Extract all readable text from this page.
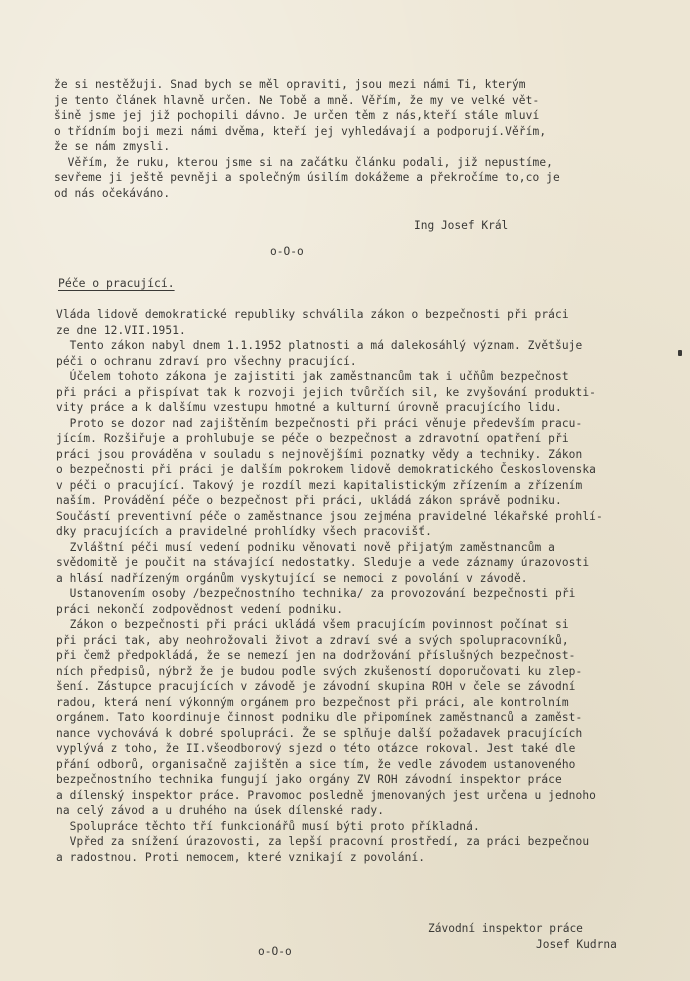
že si nestěžuji. Snad bych se měl opraviti, jsou mezi námi Ti, kterým
je tento článek hlavně určen. Ne Tobě a mně. Věřím, že my ve velké vět-
šině jsme jej již pochopili dávno. Je určen těm z nás,kteří stále mluví
o třídním boji mezi námi dvěma, kteří jej vyhledávají a podporují.Věřím,
že se nám zmysli.
Věřím, že ruku, kterou jsme si na začátku článku podali, již nepustíme,
sevřeme ji ještě pevněji a společným úsilím dokážeme a překročíme to,co je
od nás očekáváno.
Ing Josef Král
o-O-o
Péče o pracující.
Vláda lidově demokratické republiky schválila zákon o bezpečnosti při práci
ze dne 12.VII.1951.
Tento zákon nabyl dnem 1.1.1952 platnosti a má dalekosáhlý význam. Zvětšuje
péči o ochranu zdraví pro všechny pracující.
Účelem tohoto zákona je zajistiti jak zaměstnancům tak i učňům bezpečnost
při práci a přispívat tak k rozvoji jejich tvůrčích sil, ke zvyšování produkti-
vity práce a k dalšímu vzestupu hmotné a kulturní úrovně pracujícího lidu.
Proto se dozor nad zajištěním bezpečnosti při práci věnuje především pracu-
jícím. Rozšiřuje a prohlubuje se péče o bezpečnost a zdravotní opatření při
práci jsou prováděna v souladu s nejnovějšími poznatky vědy a techniky. Zákon
o bezpečnosti při práci je dalším pokrokem lidově demokratického Československa
v péči o pracující. Takový je rozdíl mezi kapitalistickým zřízením a zřízením
naším. Provádění péče o bezpečnost při práci, ukládá zákon správě podniku.
Součástí preventivní péče o zaměstnance jsou zejména pravidelné lékařské prohlí-
dky pracujících a pravidelné prohlídky všech pracovišť.
Zvláštní péči musí vedení podniku věnovati nově přijatým zaměstnancům a
svědomitě je poučit na stávající nedostatky. Sleduje a vede záznamy úrazovosti
a hlásí nadřízeným orgánům vyskytující se nemoci z povolání v závodě.
Ustanovením osoby /bezpečnostního technika/ za provozování bezpečnosti při
práci nekončí zodpovědnost vedení podniku.
Zákon o bezpečnosti při práci ukládá všem pracujícím povinnost počínat si
při práci tak, aby neohrožovali život a zdraví své a svých spolupracovníků,
při čemž předpokládá, že se nemezí jen na dodržování příslušných bezpečnost-
ních předpisů, nýbrž že je budou podle svých zkušeností doporučovati ku zlep-
šení. Zástupce pracujících v závodě je závodní skupina ROH v čele se závodní
radou, která není výkonným orgánem pro bezpečnost při práci, ale kontrolním
orgánem. Tato koordinuje činnost podniku dle připomínek zaměstnanců a zaměst-
nance vychovává k dobré spolupráci. Že se splňuje další požadavek pracujících
vyplývá z toho, že II.všeodborový sjezd o této otázce rokoval. Jest také dle
přání odborů, organisačně zajištěn a sice tím, že vedle závodem ustanoveného
bezpečnostního technika fungují jako orgány ZV ROH závodní inspektor práce
a dílenský inspektor práce. Pravomoc posledně jmenovaných jest určena u jednoho
na celý závod a u druhého na úsek dílenské rady.
Spolupráce těchto tří funkcionářů musí býti proto příkladná.
Vpřed za snížení úrazovosti, za lepší pracovní prostředí, za práci bezpečnou
a radostnou. Proti nemocem, které vznikají z povolání.
Závodní inspektor práce
Josef Kudrna
o-O-o
